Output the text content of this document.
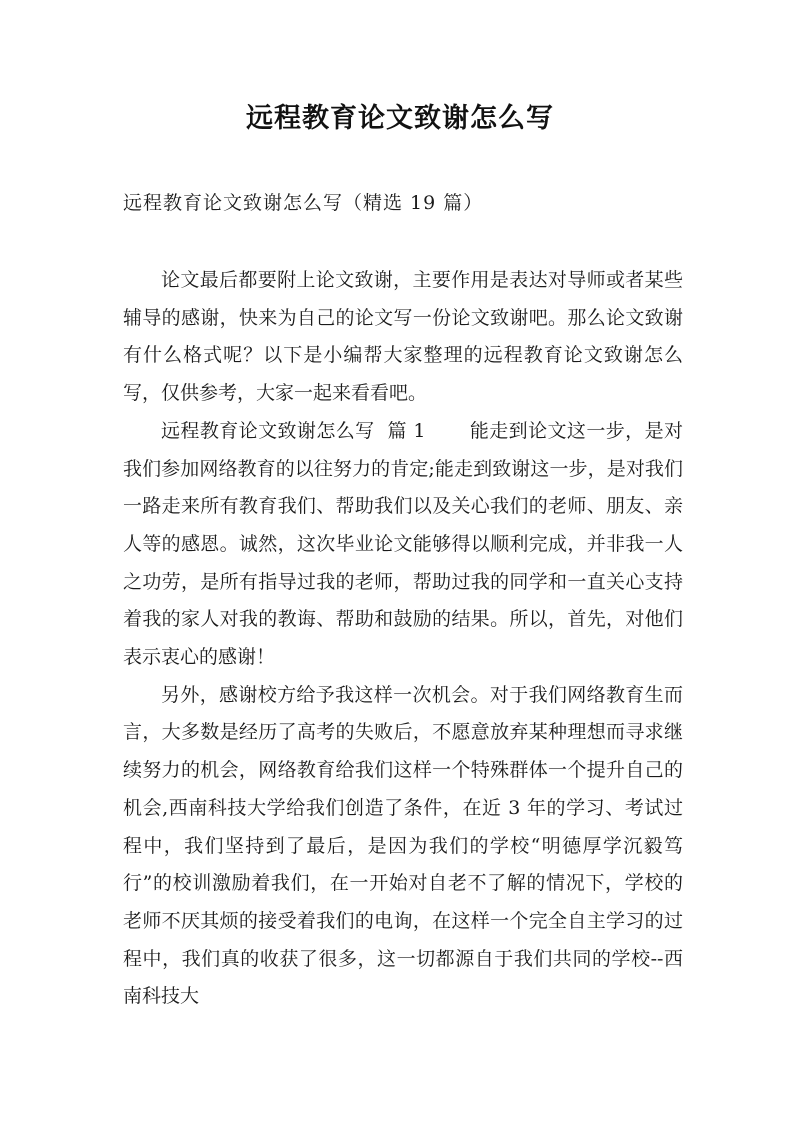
远程教育论文致谢怎么写
远程教育论文致谢怎么写（精选 19 篇）

论文最后都要附上论文致谢，主要作用是表达对导师或者某些辅导的感谢，快来为自己的论文写一份论文致谢吧。那么论文致谢有什么格式呢？以下是小编帮大家整理的远程教育论文致谢怎么写，仅供参考，大家一起来看看吧。

远程教育论文致谢怎么写  篇 1 能走到论文这一步，是对我们参加网络教育的以往努力的肯定;能走到致谢这一步，是对我们一路走来所有教育我们、帮助我们以及关心我们的老师、朋友、亲人等的感恩。诚然，这次毕业论文能够得以顺利完成，并非我一人之功劳，是所有指导过我的老师，帮助过我的同学和一直关心支持着我的家人对我的教诲、帮助和鼓励的结果。所以，首先，对他们表示衷心的感谢！

另外，感谢校方给予我这样一次机会。对于我们网络教育生而言，大多数是经历了高考的失败后，不愿意放弃某种理想而寻求继续努力的机会，网络教育给我们这样一个特殊群体一个提升自己的机会,西南科技大学给我们创造了条件，在近 3 年的学习、考试过程中，我们坚持到了最后，是因为我们的学校“明德厚学沉毅笃行”的校训激励着我们，在一开始对自老不了解的情况下，学校的老师不厌其烦的接受着我们的电询，在这样一个完全自主学习的过程中，我们真的收获了很多，这一切都源自于我们共同的学校--西南科技大
